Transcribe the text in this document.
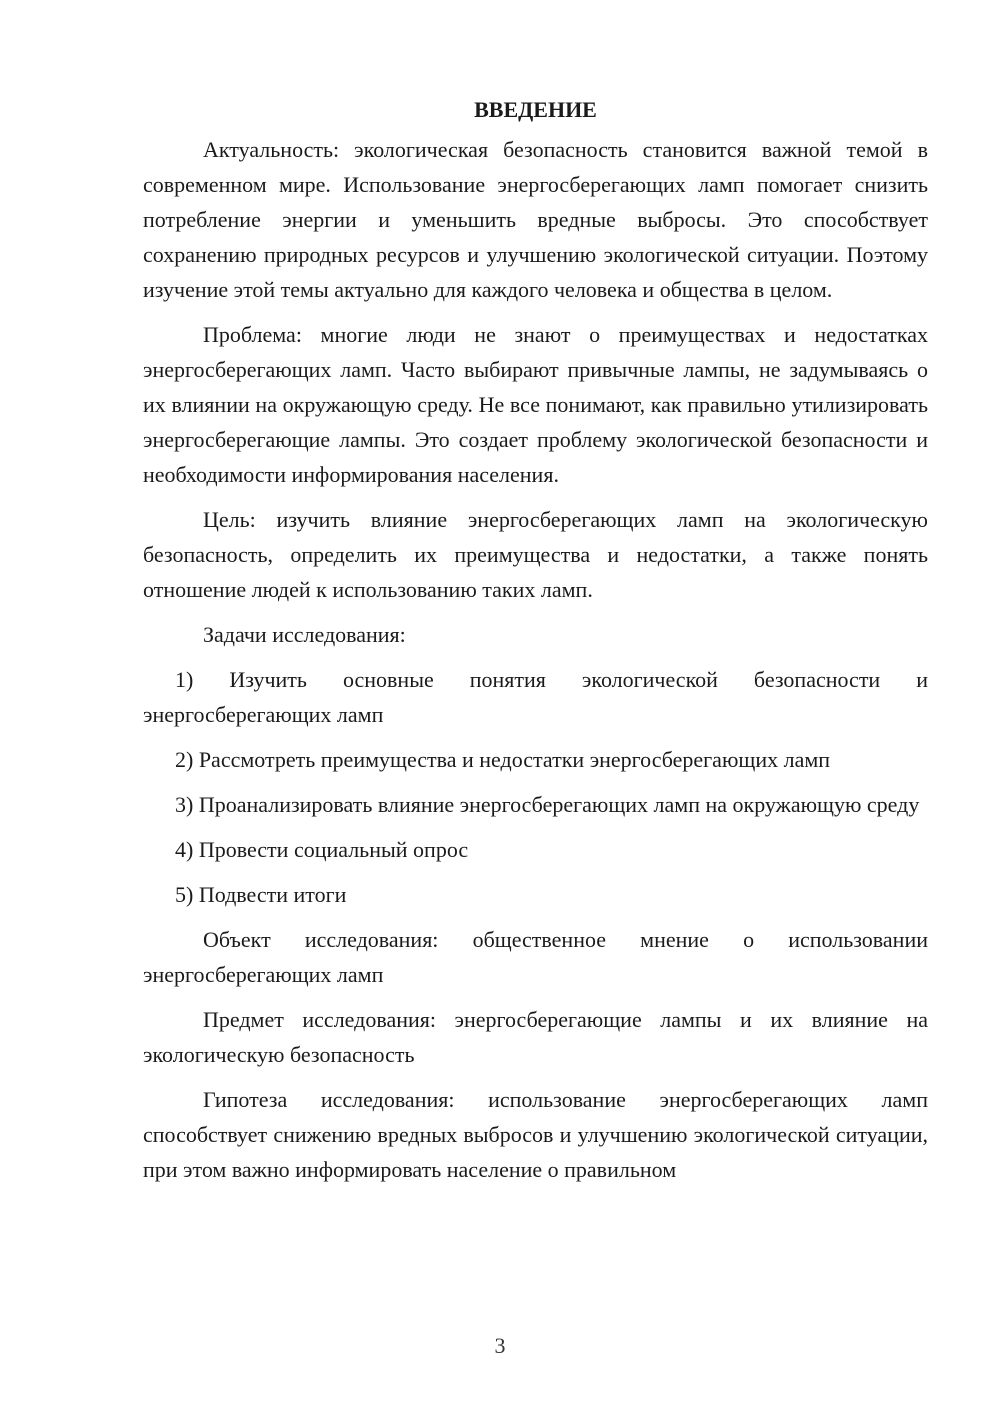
ВВЕДЕНИЕ

Актуальность: экологическая безопасность становится важной темой в современном мире. Использование энергосберегающих ламп помогает снизить потребление энергии и уменьшить вредные выбросы. Это способствует сохранению природных ресурсов и улучшению экологической ситуации. Поэтому изучение этой темы актуально для каждого человека и общества в целом.

Проблема: многие люди не знают о преимуществах и недостатках энергосберегающих ламп. Часто выбирают привычные лампы, не задумываясь о их влиянии на окружающую среду. Не все понимают, как правильно утилизировать энергосберегающие лампы. Это создает проблему экологической безопасности и необходимости информирования населения.

Цель: изучить влияние энергосберегающих ламп на экологическую безопасность, определить их преимущества и недостатки, а также понять отношение людей к использованию таких ламп.

Задачи исследования:

1) Изучить основные понятия экологической безопасности и энергосберегающих ламп

2) Рассмотреть преимущества и недостатки энергосберегающих ламп

3) Проанализировать влияние энергосберегающих ламп на окружающую среду

4) Провести социальный опрос

5) Подвести итоги

Объект исследования: общественное мнение о использовании энергосберегающих ламп

Предмет исследования: энергосберегающие лампы и их влияние на экологическую безопасность

Гипотеза исследования: использование энергосберегающих ламп способствует снижению вредных выбросов и улучшению экологической ситуации, при этом важно информировать население о правильном

3
